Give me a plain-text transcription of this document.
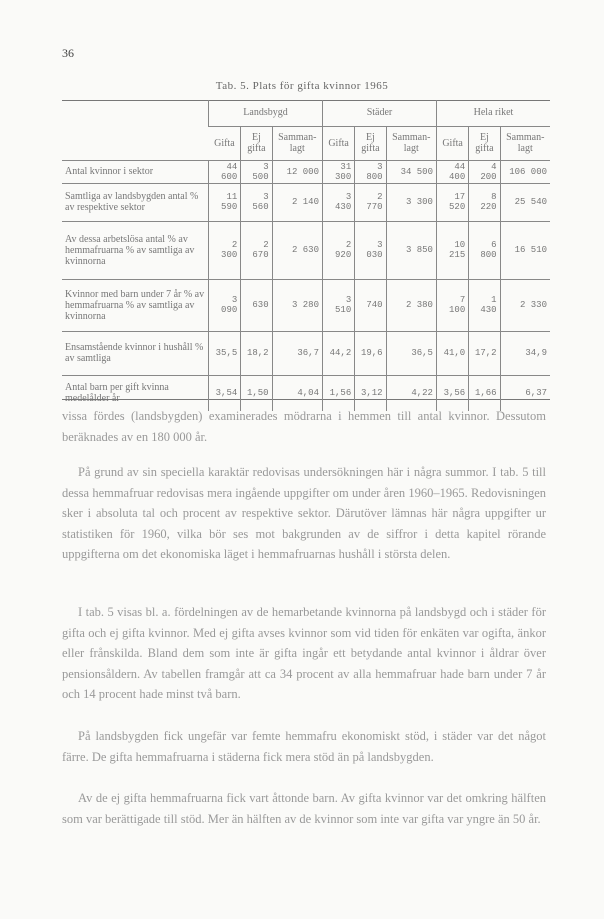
36
Tab. 5. Plats för gifta kvinnor 1965
	Landsbygd			Städer			Hela riket		
	Gifta	Ej gifta	Samman-lagt	Gifta	Ej gifta	Samman-lagt	Gifta	Ej gifta	Samman-lagt
Antal kvinnor i sektor	44 600	3 500	12 000	31 300	3 800	34 500	44 400	4 200	106 000
Samtliga av landsbygden antal % av respektive sektor	11 590	3 560	2 140	3 430	2 770	3 300	17 520	8 220	25 540
Av dessa arbetslösa antal % av hemmafruarna % av samtliga av kvinnorna	2 300	2 670	2 630	2 920	3 030	3 850	10 215	6 800	16 510
Kvinnor med barn under 7 år % av hemmafruarna % av samtliga av kvinnorna	3 090	630	3 280	3 510	740	2 380	7 100	1 430	2 330
Ensamstående kvinnor i hushåll % av samtliga	35,5	18,2	36,7	44,2	19,6	36,5	41,0	17,2	34,9
Antal barn per gift kvinna medelålder år	3,54	1,50	4,04	1,56	3,12	4,22	3,56	1,66	6,37

vissa fördes (landsbygden) examinerades mödrarna i hemmen till antal kvinnor. Dessutom beräknades av en 180 000 år.

På grund av sin speciella karaktär redovisas undersökningen här i några summor. I tab. 5 till dessa hemmafruar redovisas mera ingående uppgifter om under åren 1960–1965. Redovisningen sker i absoluta tal och procent av respektive sektor. Därutöver lämnas här några uppgifter ur statistiken för 1960, vilka bör ses mot bakgrunden av de siffror i detta kapitel rörande uppgifterna om det ekonomiska läget i hemmafruarnas hushåll i största delen.

I tab. 5 visas bl. a. fördelningen av de hemarbetande kvinnorna på landsbygd och i städer för gifta och ej gifta kvinnor. Med ej gifta avses kvinnor som vid tiden för enkäten var ogifta, änkor eller frånskilda. Bland dem som inte är gifta ingår ett betydande antal kvinnor i åldrar över pensionsåldern. Av tabellen framgår att ca 34 procent av alla hemmafruar hade barn under 7 år och 14 procent hade minst två barn.

På landsbygden fick ungefär var femte hemmafru ekonomiskt stöd, i städer var det något färre. De gifta hemmafruarna i städerna fick mera stöd än på landsbygden.

Av de ej gifta hemmafruarna fick vart åttonde barn. Av gifta kvinnor var det omkring hälften som var berättigade till stöd. Mer än hälften av de kvinnor som inte var gifta var yngre än 50 år.
